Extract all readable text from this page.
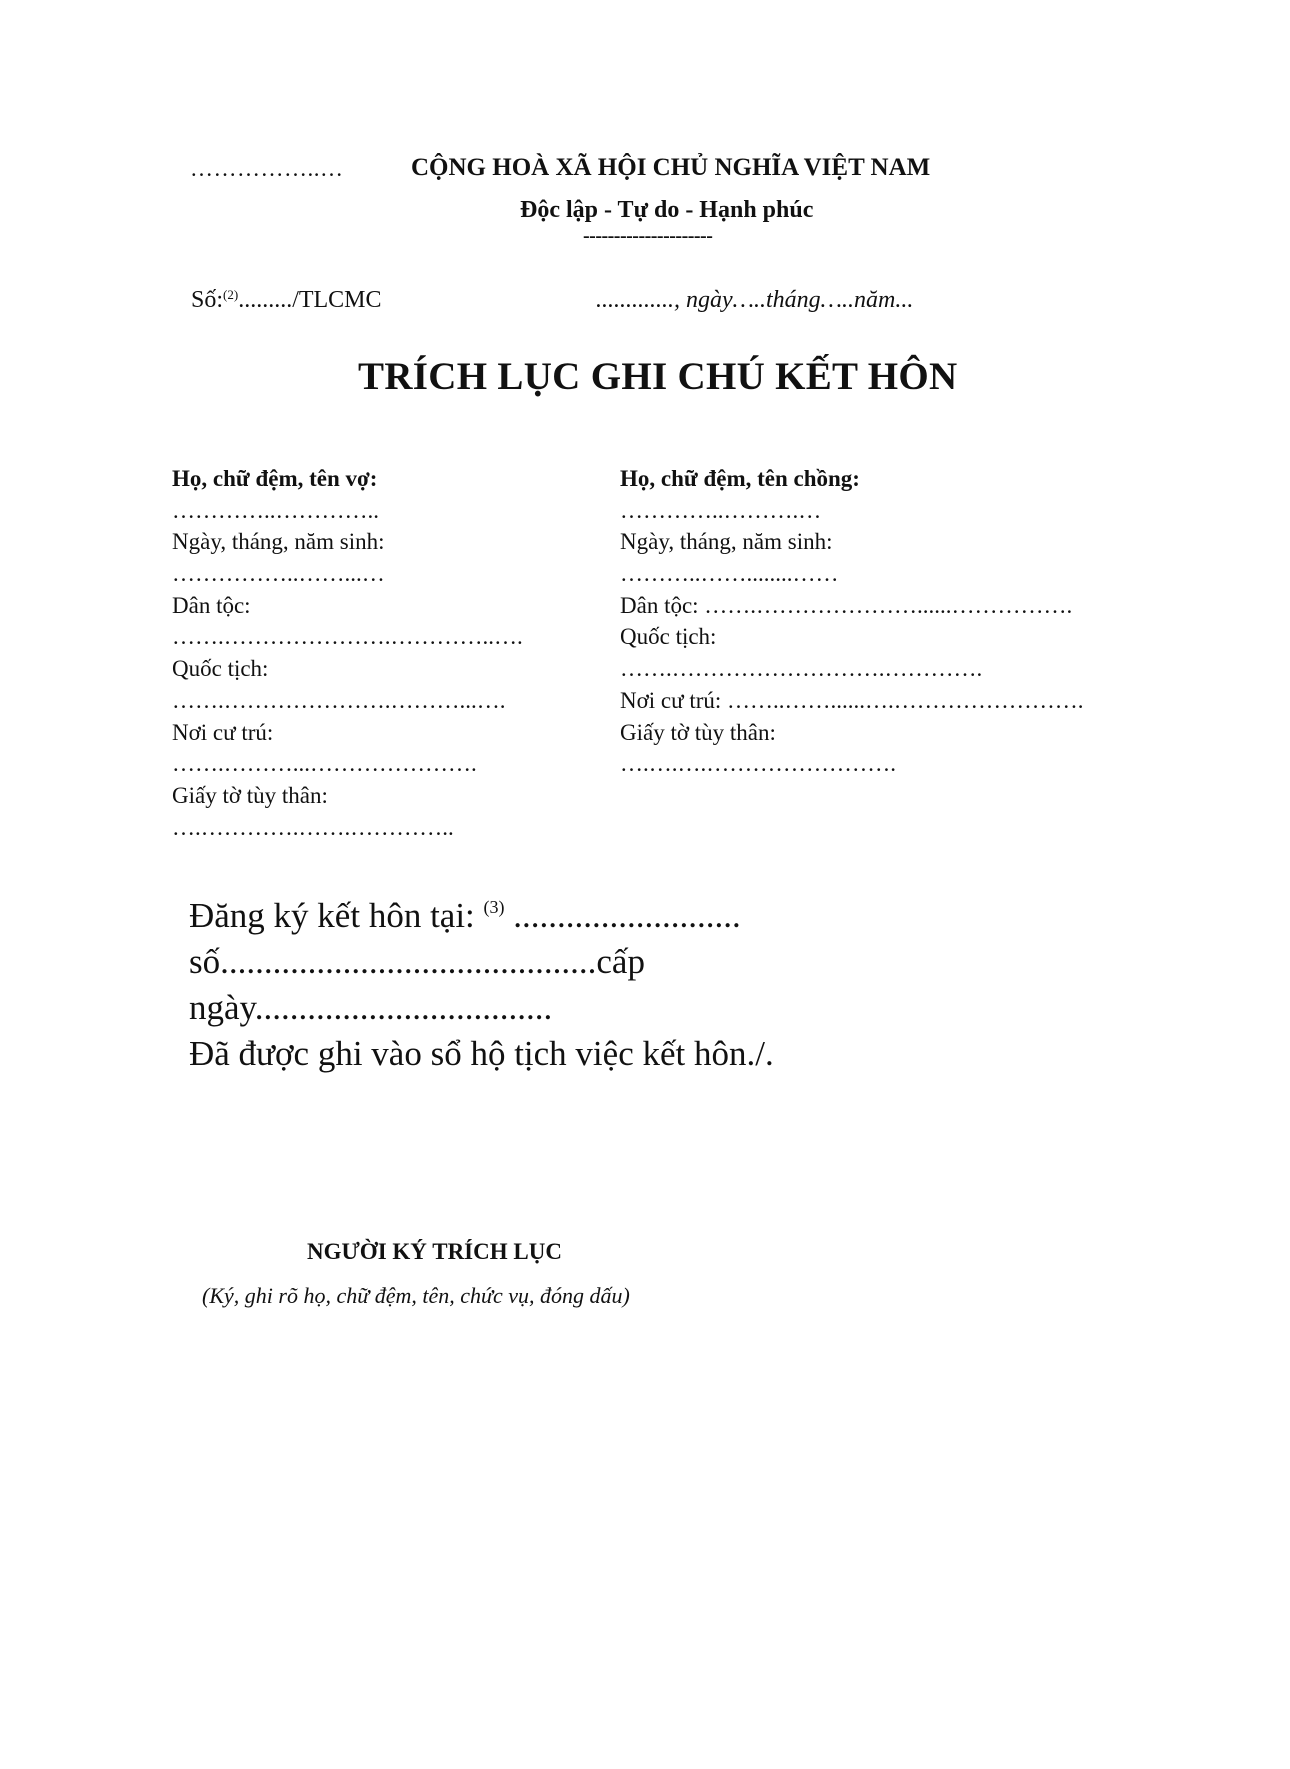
……………..…	CỘNG HOÀ XÃ HỘI CHỦ NGHĨA VIỆT NAM
Độc lập - Tự do - Hạnh phúc
---------------------
Số:$^{(2)}$........./TLCMC	............., ngày…..tháng…..năm...
TRÍCH LỤC GHI CHÚ KẾT HÔN
Họ, chữ đệm, tên vợ:
…………..…………..
Ngày, tháng, năm sinh:
……………..……...…
Dân tộc:
…….………………….…………..….
Quốc tịch:
…….………………….………...….
Nơi cư trú:
…….………...………………….
Giấy tờ tùy thân:
….………….…….…………..
Họ, chữ đệm, tên chồng:
…………..……….…
Ngày, tháng, năm sinh:
………..……........……
Dân tộc: …….…………………......…………….
Quốc tịch:
…….……………………….………….
Nơi cư trú: ……..……......….…………………….
Giấy tờ tùy thân:
….….….…………………….
Đăng ký kết hôn tại: $^{(3)}$ ..........................
số...........................................cấp
ngày..................................
Đã được ghi vào sổ hộ tịch việc kết hôn./.
NGƯỜI KÝ TRÍCH LỤC
(Ký, ghi rõ họ, chữ đệm, tên, chức vụ, đóng dấu)
